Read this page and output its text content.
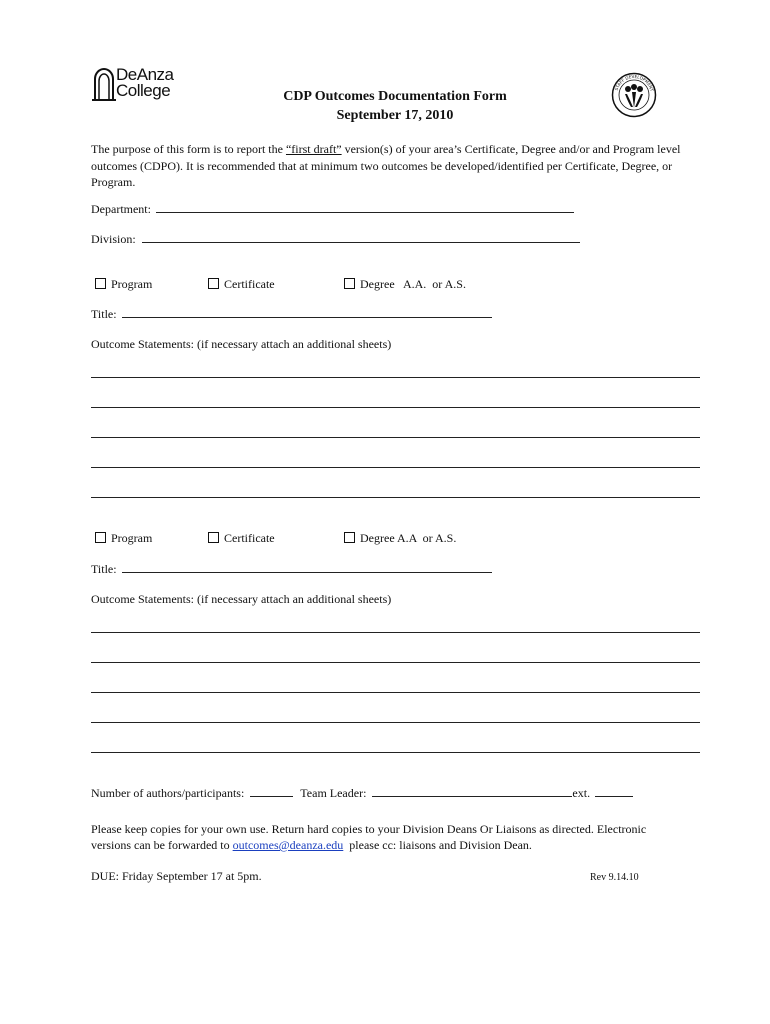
DeAnza
College	STAFF DEVELOPMENT
CDP Outcomes Documentation Form
September 17, 2010
The purpose of this form is to report the “first draft” version(s) of your area’s Certificate, Degree and/or and Program level outcomes (CDPO). It is recommended that at minimum two outcomes be developed/identified per Certificate, Degree, or Program.
Department:
Division:
Program	Certificate	Degree   A.A.  or A.S.
Title:
Outcome Statements: (if necessary attach an additional sheets)
Program	Certificate	Degree A.A  or A.S.
Title:
Outcome Statements: (if necessary attach an additional sheets)
Number of authors/participants:	Team Leader:	ext.
Please keep copies for your own use. Return hard copies to your Division Deans Or Liaisons as directed. Electronic
versions can be forwarded to outcomes@deanza.edu  please cc: liaisons and Division Dean.
DUE: Friday September 17 at 5pm.	Rev 9.14.10
